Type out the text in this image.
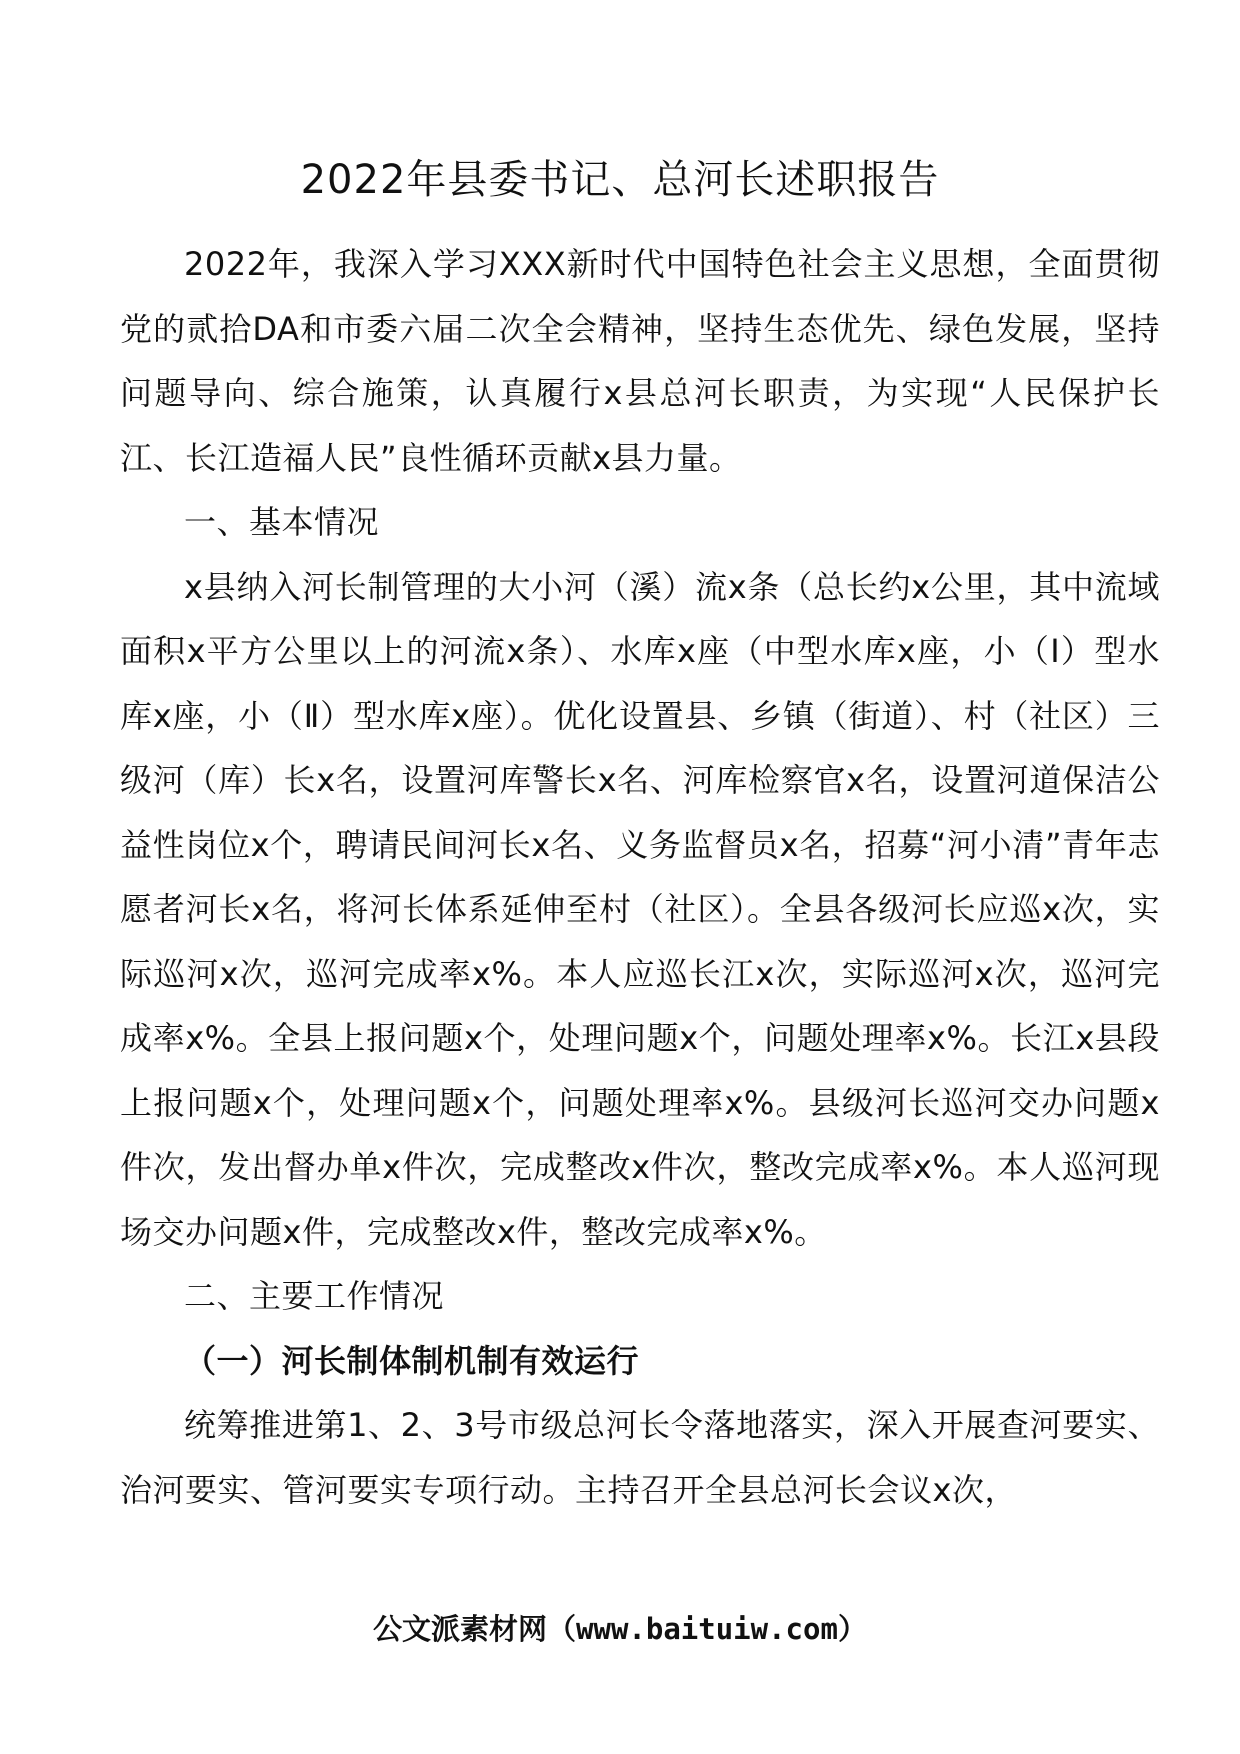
2022年县委书记、总河长述职报告

2022年，我深入学习XXX新时代中国特色社会主义思想，全面贯彻党的贰拾DA和市委六届二次全会精神，坚持生态优先、绿色发展，坚持问题导向、综合施策，认真履行x县总河长职责，为实现“人民保护长江、长江造福人民”良性循环贡献x县力量。

一、基本情况

x县纳入河长制管理的大小河（溪）流x条（总长约x公里，其中流域面积x平方公里以上的河流x条）、水库x座（中型水库x座，小（Ⅰ）型水库x座，小（Ⅱ）型水库x座）。优化设置县、乡镇（街道）、村（社区）三级河（库）长x名，设置河库警长x名、河库检察官x名，设置河道保洁公益性岗位x个，聘请民间河长x名、义务监督员x名，招募“河小清”青年志愿者河长x名，将河长体系延伸至村（社区）。全县各级河长应巡x次，实际巡河x次，巡河完成率x%。本人应巡长江x次，实际巡河x次，巡河完成率x%。全县上报问题x个，处理问题x个，问题处理率x%。长江x县段上报问题x个，处理问题x个，问题处理率x%。县级河长巡河交办问题x件次，发出督办单x件次，完成整改x件次，整改完成率x%。本人巡河现场交办问题x件，完成整改x件，整改完成率x%。

二、主要工作情况

（一）河长制体制机制有效运行

统筹推进第1、2、3号市级总河长令落地落实，深入开展查河要实、治河要实、管河要实专项行动。主持召开全县总河长会议x次，

公文派素材网（www.baituiw.com）
